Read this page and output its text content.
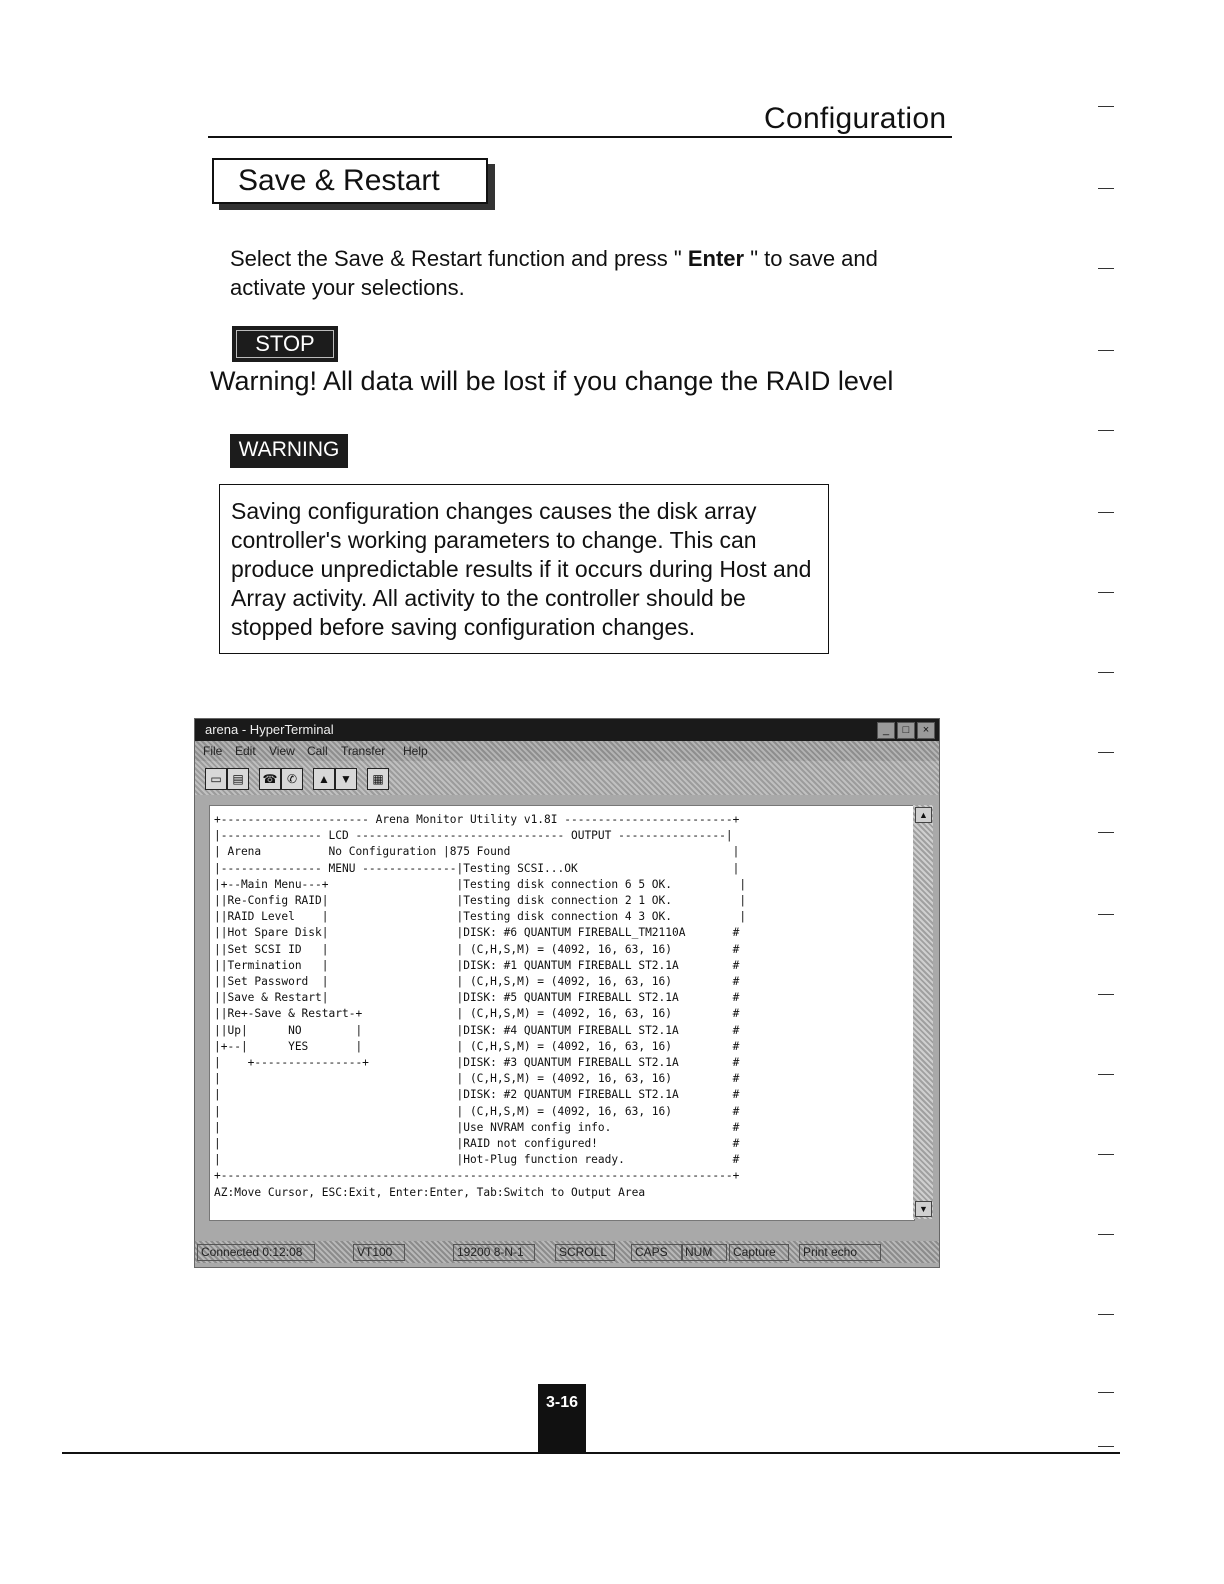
Configuration
Save & Restart
Select the Save & Restart function and press " Enter " to save and activate your selections.
STOP
Warning! All data will be lost if you change the RAID level
WARNING

Saving configuration changes causes the disk array controller's working parameters to change. This can produce unpredictable results if it occurs during Host and Array activity. All activity to the controller should be stopped before saving configuration changes.

arena - HyperTerminal	_	□	×
File Edit View Call Transfer Help
▭ ▤	☎ ✆	▲ ▼	▦
+---------------------- Arena Monitor Utility v1.8I -------------------------+
|--------------- LCD ------------------------------- OUTPUT ----------------|
| Arena          No Configuration |875 Found                                 |
|--------------- MENU --------------|Testing SCSI...OK                       |
|+--Main Menu---+                   |Testing disk connection 6 5 OK.          |
||Re-Config RAID|                   |Testing disk connection 2 1 OK.          |
||RAID Level    |                   |Testing disk connection 4 3 OK.          |
||Hot Spare Disk|                   |DISK: #6 QUANTUM FIREBALL_TM2110A       #
||Set SCSI ID   |                   | (C,H,S,M) = (4092, 16, 63, 16)         #
||Termination   |                   |DISK: #1 QUANTUM FIREBALL ST2.1A        #
||Set Password  |                   | (C,H,S,M) = (4092, 16, 63, 16)         #
||Save & Restart|                   |DISK: #5 QUANTUM FIREBALL ST2.1A        #
||Re+-Save & Restart-+              | (C,H,S,M) = (4092, 16, 63, 16)         #
||Up|      NO        |              |DISK: #4 QUANTUM FIREBALL ST2.1A        #
|+--|      YES       |              | (C,H,S,M) = (4092, 16, 63, 16)         #
|    +----------------+             |DISK: #3 QUANTUM FIREBALL ST2.1A        #
|                                   | (C,H,S,M) = (4092, 16, 63, 16)         #
|                                   |DISK: #2 QUANTUM FIREBALL ST2.1A        #
|                                   | (C,H,S,M) = (4092, 16, 63, 16)         #
|                                   |Use NVRAM config info.                  #
|                                   |RAID not configured!                    #
|                                   |Hot-Plug function ready.                #
+----------------------------------------------------------------------------+
AZ:Move Cursor, ESC:Exit, Enter:Enter, Tab:Switch to Output Area
▲
▼
Connected 0:12:08	VT100	19200 8-N-1	SCROLL	CAPS	NUM	Capture	Print echo
3-16
